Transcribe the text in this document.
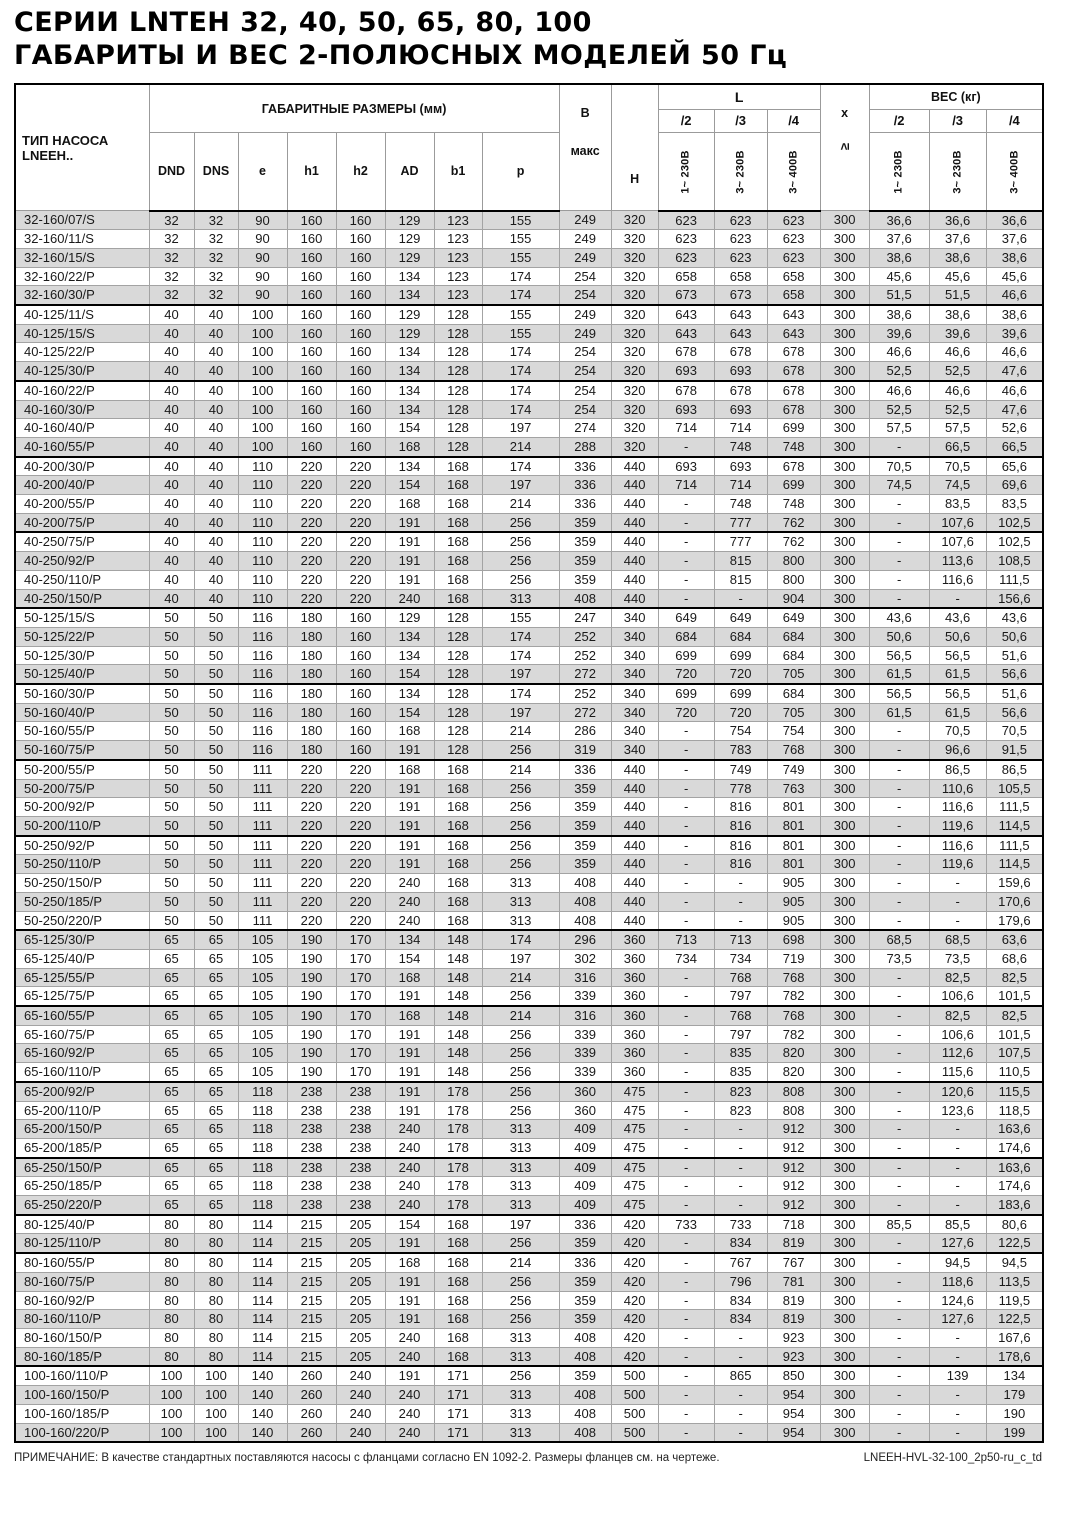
СЕРИИ LNTEH 32, 40, 50, 65, 80, 100
ГАБАРИТЫ И ВЕС 2-ПОЛЮСНЫХ МОДЕЛЕЙ 50 Гц
ТИП НАСОСА LNEEH..	ГАБАРИТНЫЕ РАЗМЕРЫ (мм)	В
макс

H
	L	
x
≥
	ВЕС (кг)
											/2	/3	/4		/2	/3	/4
	DND	DNS	e	h1	h2	AD	b1	p			1~ 230В	3~ 230В	3~ 400В		1~ 230В	3~ 230В	3~ 400В
32-160/07/S	32	32	90	160	160	129	123	155	249	320	623	623	623	300	36,6	36,6	36,6
32-160/11/S	32	32	90	160	160	129	123	155	249	320	623	623	623	300	37,6	37,6	37,6
32-160/15/S	32	32	90	160	160	129	123	155	249	320	623	623	623	300	38,6	38,6	38,6
32-160/22/P	32	32	90	160	160	134	123	174	254	320	658	658	658	300	45,6	45,6	45,6
32-160/30/P	32	32	90	160	160	134	123	174	254	320	673	673	658	300	51,5	51,5	46,6
40-125/11/S	40	40	100	160	160	129	128	155	249	320	643	643	643	300	38,6	38,6	38,6
40-125/15/S	40	40	100	160	160	129	128	155	249	320	643	643	643	300	39,6	39,6	39,6
40-125/22/P	40	40	100	160	160	134	128	174	254	320	678	678	678	300	46,6	46,6	46,6
40-125/30/P	40	40	100	160	160	134	128	174	254	320	693	693	678	300	52,5	52,5	47,6
40-160/22/P	40	40	100	160	160	134	128	174	254	320	678	678	678	300	46,6	46,6	46,6
40-160/30/P	40	40	100	160	160	134	128	174	254	320	693	693	678	300	52,5	52,5	47,6
40-160/40/P	40	40	100	160	160	154	128	197	274	320	714	714	699	300	57,5	57,5	52,6
40-160/55/P	40	40	100	160	160	168	128	214	288	320	-	748	748	300	-	66,5	66,5
40-200/30/P	40	40	110	220	220	134	168	174	336	440	693	693	678	300	70,5	70,5	65,6
40-200/40/P	40	40	110	220	220	154	168	197	336	440	714	714	699	300	74,5	74,5	69,6
40-200/55/P	40	40	110	220	220	168	168	214	336	440	-	748	748	300	-	83,5	83,5
40-200/75/P	40	40	110	220	220	191	168	256	359	440	-	777	762	300	-	107,6	102,5
40-250/75/P	40	40	110	220	220	191	168	256	359	440	-	777	762	300	-	107,6	102,5
40-250/92/P	40	40	110	220	220	191	168	256	359	440	-	815	800	300	-	113,6	108,5
40-250/110/P	40	40	110	220	220	191	168	256	359	440	-	815	800	300	-	116,6	111,5
40-250/150/P	40	40	110	220	220	240	168	313	408	440	-	-	904	300	-	-	156,6
50-125/15/S	50	50	116	180	160	129	128	155	247	340	649	649	649	300	43,6	43,6	43,6
50-125/22/P	50	50	116	180	160	134	128	174	252	340	684	684	684	300	50,6	50,6	50,6
50-125/30/P	50	50	116	180	160	134	128	174	252	340	699	699	684	300	56,5	56,5	51,6
50-125/40/P	50	50	116	180	160	154	128	197	272	340	720	720	705	300	61,5	61,5	56,6
50-160/30/P	50	50	116	180	160	134	128	174	252	340	699	699	684	300	56,5	56,5	51,6
50-160/40/P	50	50	116	180	160	154	128	197	272	340	720	720	705	300	61,5	61,5	56,6
50-160/55/P	50	50	116	180	160	168	128	214	286	340	-	754	754	300	-	70,5	70,5
50-160/75/P	50	50	116	180	160	191	128	256	319	340	-	783	768	300	-	96,6	91,5
50-200/55/P	50	50	111	220	220	168	168	214	336	440	-	749	749	300	-	86,5	86,5
50-200/75/P	50	50	111	220	220	191	168	256	359	440	-	778	763	300	-	110,6	105,5
50-200/92/P	50	50	111	220	220	191	168	256	359	440	-	816	801	300	-	116,6	111,5
50-200/110/P	50	50	111	220	220	191	168	256	359	440	-	816	801	300	-	119,6	114,5
50-250/92/P	50	50	111	220	220	191	168	256	359	440	-	816	801	300	-	116,6	111,5
50-250/110/P	50	50	111	220	220	191	168	256	359	440	-	816	801	300	-	119,6	114,5
50-250/150/P	50	50	111	220	220	240	168	313	408	440	-	-	905	300	-	-	159,6
50-250/185/P	50	50	111	220	220	240	168	313	408	440	-	-	905	300	-	-	170,6
50-250/220/P	50	50	111	220	220	240	168	313	408	440	-	-	905	300	-	-	179,6
65-125/30/P	65	65	105	190	170	134	148	174	296	360	713	713	698	300	68,5	68,5	63,6
65-125/40/P	65	65	105	190	170	154	148	197	302	360	734	734	719	300	73,5	73,5	68,6
65-125/55/P	65	65	105	190	170	168	148	214	316	360	-	768	768	300	-	82,5	82,5
65-125/75/P	65	65	105	190	170	191	148	256	339	360	-	797	782	300	-	106,6	101,5
65-160/55/P	65	65	105	190	170	168	148	214	316	360	-	768	768	300	-	82,5	82,5
65-160/75/P	65	65	105	190	170	191	148	256	339	360	-	797	782	300	-	106,6	101,5
65-160/92/P	65	65	105	190	170	191	148	256	339	360	-	835	820	300	-	112,6	107,5
65-160/110/P	65	65	105	190	170	191	148	256	339	360	-	835	820	300	-	115,6	110,5
65-200/92/P	65	65	118	238	238	191	178	256	360	475	-	823	808	300	-	120,6	115,5
65-200/110/P	65	65	118	238	238	191	178	256	360	475	-	823	808	300	-	123,6	118,5
65-200/150/P	65	65	118	238	238	240	178	313	409	475	-	-	912	300	-	-	163,6
65-200/185/P	65	65	118	238	238	240	178	313	409	475	-	-	912	300	-	-	174,6
65-250/150/P	65	65	118	238	238	240	178	313	409	475	-	-	912	300	-	-	163,6
65-250/185/P	65	65	118	238	238	240	178	313	409	475	-	-	912	300	-	-	174,6
65-250/220/P	65	65	118	238	238	240	178	313	409	475	-	-	912	300	-	-	183,6
80-125/40/P	80	80	114	215	205	154	168	197	336	420	733	733	718	300	85,5	85,5	80,6
80-125/110/P	80	80	114	215	205	191	168	256	359	420	-	834	819	300	-	127,6	122,5
80-160/55/P	80	80	114	215	205	168	168	214	336	420	-	767	767	300	-	94,5	94,5
80-160/75/P	80	80	114	215	205	191	168	256	359	420	-	796	781	300	-	118,6	113,5
80-160/92/P	80	80	114	215	205	191	168	256	359	420	-	834	819	300	-	124,6	119,5
80-160/110/P	80	80	114	215	205	191	168	256	359	420	-	834	819	300	-	127,6	122,5
80-160/150/P	80	80	114	215	205	240	168	313	408	420	-	-	923	300	-	-	167,6
80-160/185/P	80	80	114	215	205	240	168	313	408	420	-	-	923	300	-	-	178,6
100-160/110/P	100	100	140	260	240	191	171	256	359	500	-	865	850	300	-	139	134
100-160/150/P	100	100	140	260	240	240	171	313	408	500	-	-	954	300	-	-	179
100-160/185/P	100	100	140	260	240	240	171	313	408	500	-	-	954	300	-	-	190
100-160/220/P	100	100	140	260	240	240	171	313	408	500	-	-	954	300	-	-	199
ПРИМЕЧАНИЕ: В качестве стандартных поставляются насосы с фланцами согласно EN 1092-2. Размеры фланцев см. на чертеже.	LNEEH-HVL-32-100_2p50-ru_c_td
